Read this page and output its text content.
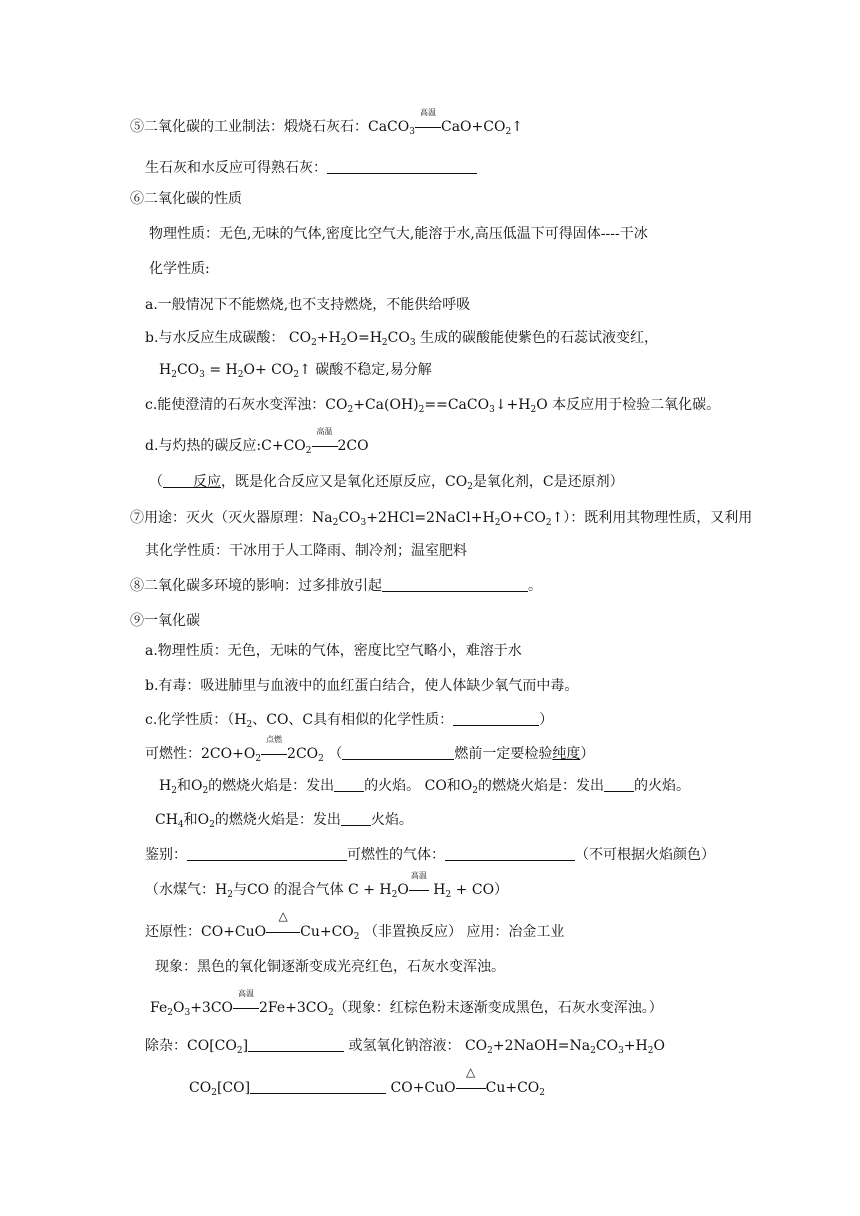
⑤二氧化碳的工业制法：煅烧石灰石：CaCO$_3$
高温
$CaO+CO_2↑$
生石灰和水反应可得熟石灰：
⑥二氧化碳的性质
物理性质：无色,无味的气体,密度比空气大,能溶于水,高压低温下可得固体----干冰
化学性质:
a.一般情况下不能燃烧,也不支持燃烧，不能供给呼吸
b.与水反应生成碳酸： $CO_2+H_2O=H_2CO_3$ 生成的碳酸能使紫色的石蕊试液变红，
$H_2CO_3 = H_2O+$ $CO_2↑$ 碳酸不稳定,易分解
c.能使澄清的石灰水变浑浊：$CO_2+Ca(OH)_2==CaCO_3↓+H_2O$ 本反应用于检验二氧化碳。
d.与灼热的碳反应$:C+CO_2$
高温
2CO
（ 反应，既是化合反应又是氧化还原反应，$CO_2$是氧化剂，C是还原剂）
⑦用途：灭火（灭火器原理：$Na_2CO_3+2HCl=2NaCl+H_2O+CO_2↑$）：既利用其物理性质，又利用
其化学性质：干冰用于人工降雨、制冷剂；温室肥料
⑧二氧化碳多环境的影响：过多排放引起	。
⑨一氧化碳
a.物理性质：无色，无味的气体，密度比空气略小，难溶于水
b.有毒：吸进肺里与血液中的血红蛋白结合，使人体缺少氧气而中毒。
c.化学性质：（$H_2$、CO、C具有相似的化学性质：	）
可燃性：$2CO+O_2$
点燃
$2CO_2$ （	燃前一定要检验纯度）
$H_2$和$O_2$的燃烧火焰是：发出 的火焰。 CO和$O_2$的燃烧火焰是：发出 的火焰。
$CH_4$和$O_2$的燃烧火焰是：发出 火焰。
鉴别：	可燃性的气体：	（不可根据火焰颜色）
（水煤气：$H_2$与CO 的混合气体 $C + H_2O$
高温
$H_2 + CO$）
还原性：CO+CuO
△
$Cu+CO_2$ （非置换反应） 应用：冶金工业
现象：黑色的氧化铜逐渐变成光亮红色，石灰水变浑浊。
$Fe_2O_3+3CO$
高温
$2Fe+3CO_2$（现象：红棕色粉末逐渐变成黑色，石灰水变浑浊。）
除杂：$CO[CO_2]$	或氢氧化钠溶液： $CO_2+2NaOH=Na_2CO_3+H_2O$
$CO_2[CO]$	CO+CuO
△
$Cu+CO_2$
